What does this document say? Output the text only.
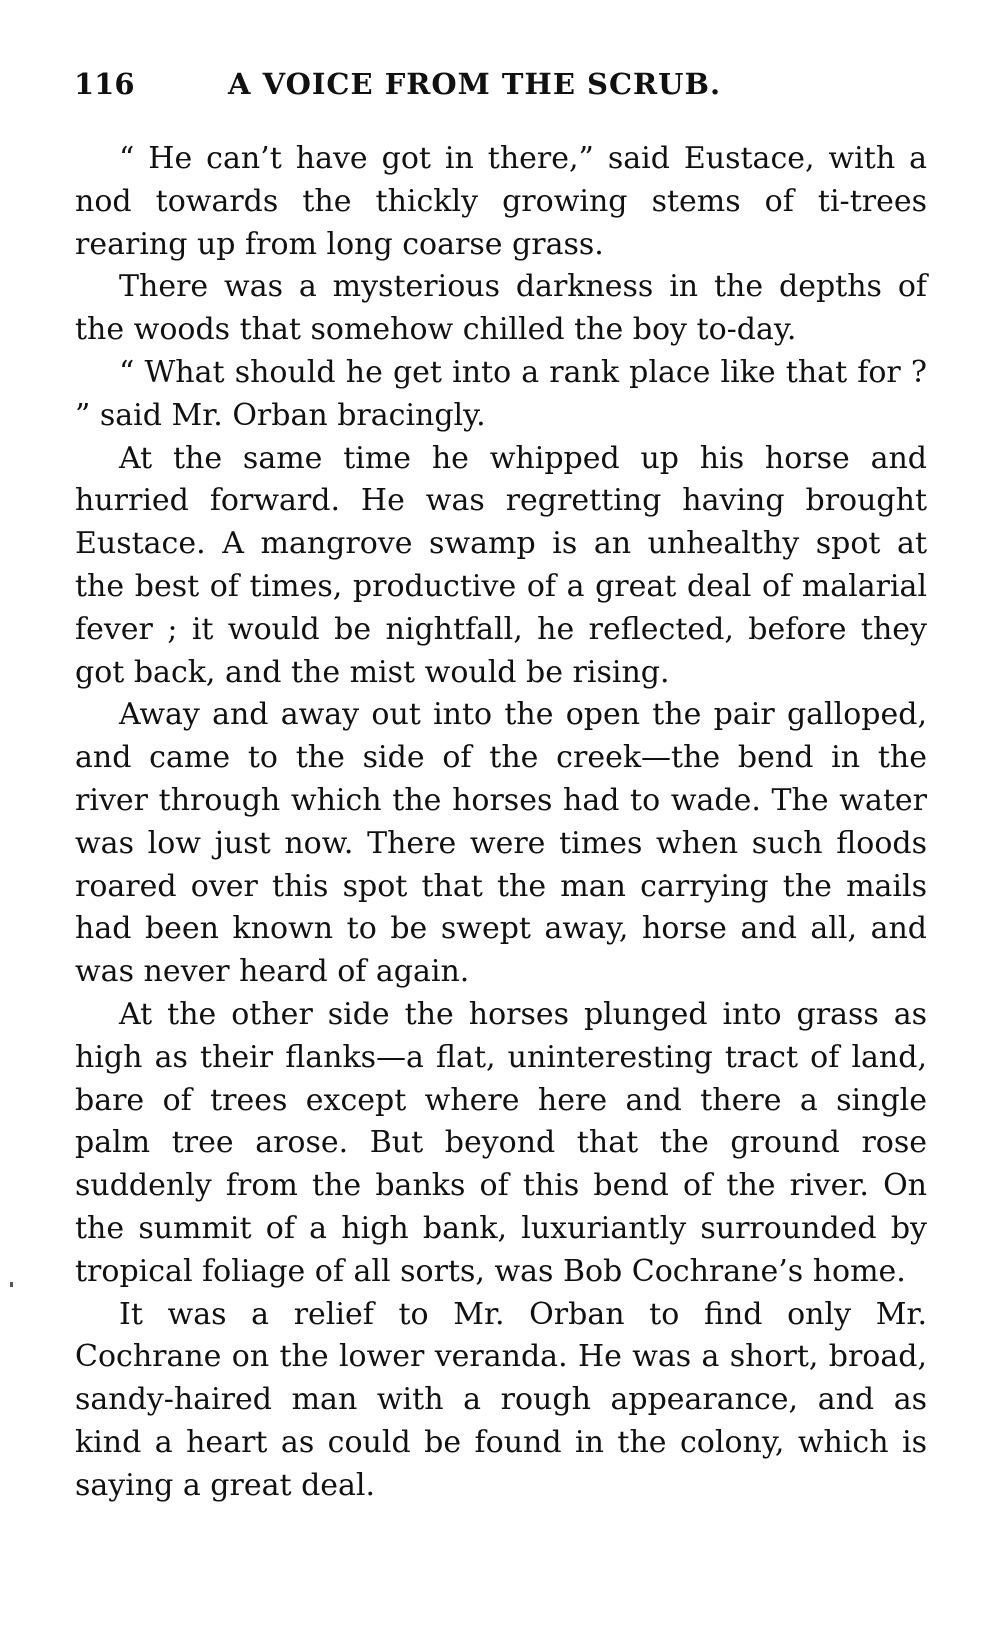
116	A VOICE FROM THE SCRUB.

“ He can’t have got in there,” said Eustace, with a nod towards the thickly growing stems of ti-trees rearing up from long coarse grass.

There was a mysterious darkness in the depths of the woods that somehow chilled the boy to-day.

“ What should he get into a rank place like that for ? ” said Mr. Orban bracingly.

At the same time he whipped up his horse and hurried forward. He was regretting having brought Eustace. A mangrove swamp is an unhealthy spot at the best of times, productive of a great deal of malarial fever ; it would be nightfall, he reflected, before they got back, and the mist would be rising.

Away and away out into the open the pair galloped, and came to the side of the creek—the bend in the river through which the horses had to wade. The water was low just now. There were times when such floods roared over this spot that the man carrying the mails had been known to be swept away, horse and all, and was never heard of again.

At the other side the horses plunged into grass as high as their flanks—a flat, uninteresting tract of land, bare of trees except where here and there a single palm tree arose. But beyond that the ground rose suddenly from the banks of this bend of the river. On the summit of a high bank, luxuriantly surrounded by tropical foliage of all sorts, was Bob Cochrane’s home.

It was a relief to Mr. Orban to find only Mr. Cochrane on the lower veranda. He was a short, broad, sandy-haired man with a rough appearance, and as kind a heart as could be found in the colony, which is saying a great deal.
